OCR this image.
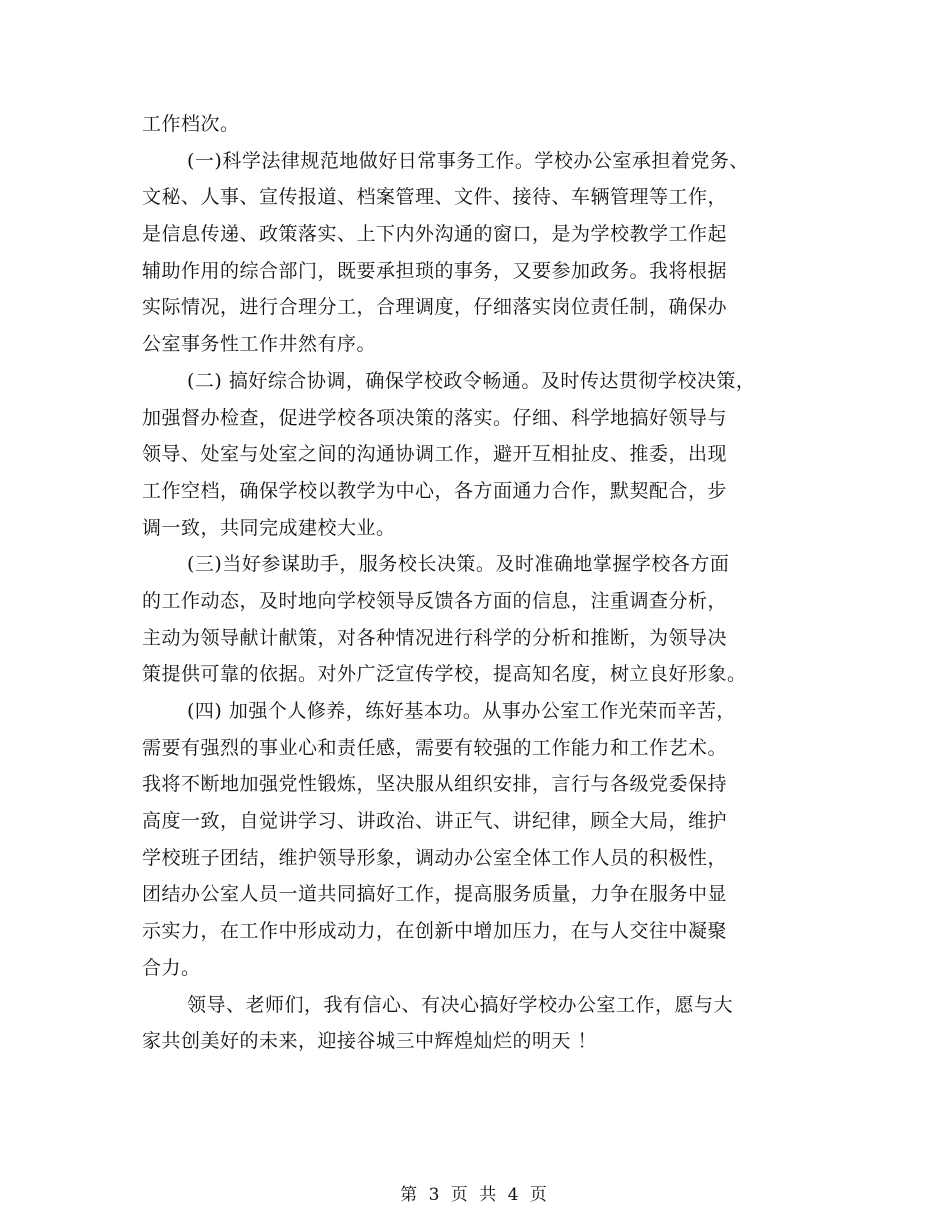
工作档次。
(一)科学法律规范地做好日常事务工作。学校办公室承担着党务、
文秘、人事、宣传报道、档案管理、文件、接待、车辆管理等工作，
是信息传递、政策落实、上下内外沟通的窗口，是为学校教学工作起
辅助作用的综合部门，既要承担琐的事务，又要参加政务。我将根据
实际情况，进行合理分工，合理调度，仔细落实岗位责任制，确保办
公室事务性工作井然有序。
(二) 搞好综合协调，确保学校政令畅通。及时传达贯彻学校决策，
加强督办检查，促进学校各项决策的落实。仔细、科学地搞好领导与
领导、处室与处室之间的沟通协调工作，避开互相扯皮、推委，出现
工作空档，确保学校以教学为中心，各方面通力合作，默契配合，步
调一致，共同完成建校大业。
(三)当好参谋助手，服务校长决策。及时准确地掌握学校各方面
的工作动态，及时地向学校领导反馈各方面的信息，注重调查分析，
主动为领导献计献策，对各种情况进行科学的分析和推断，为领导决
策提供可靠的依据。对外广泛宣传学校，提高知名度，树立良好形象。
(四) 加强个人修养，练好基本功。从事办公室工作光荣而辛苦，
需要有强烈的事业心和责任感，需要有较强的工作能力和工作艺术。
我将不断地加强党性锻炼，坚决服从组织安排，言行与各级党委保持
高度一致，自觉讲学习、讲政治、讲正气、讲纪律，顾全大局，维护
学校班子团结，维护领导形象，调动办公室全体工作人员的积极性，
团结办公室人员一道共同搞好工作，提高服务质量，力争在服务中显
示实力，在工作中形成动力，在创新中增加压力，在与人交往中凝聚
合力。
领导、老师们，我有信心、有决心搞好学校办公室工作，愿与大
家共创美好的未来，迎接谷城三中辉煌灿烂的明天 ！
第 3 页 共 4 页
